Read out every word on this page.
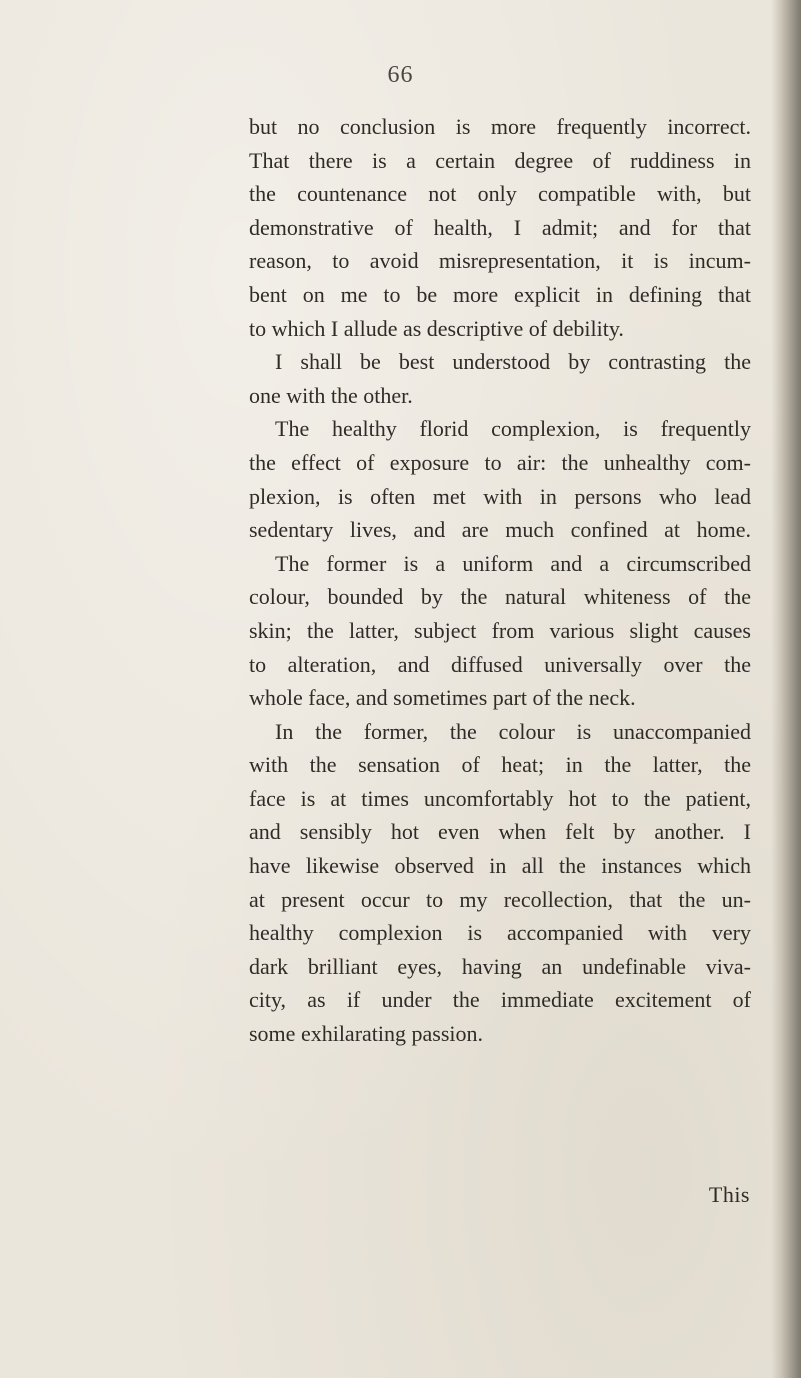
66
but no conclusion is more frequently incorrect.
That there is a certain degree of ruddiness in
the countenance not only compatible with, but
demonstrative of health, I admit; and for that
reason, to avoid misrepresentation, it is incum-
bent on me to be more explicit in defining that
to which I allude as descriptive of debility.
I shall be best understood by contrasting the
one with the other.
The healthy florid complexion, is frequently
the effect of exposure to air: the unhealthy com-
plexion, is often met with in persons who lead
sedentary lives, and are much confined at home.
The former is a uniform and a circumscribed
colour, bounded by the natural whiteness of the
skin; the latter, subject from various slight causes
to alteration, and diffused universally over the
whole face, and sometimes part of the neck.
In the former, the colour is unaccompanied
with the sensation of heat; in the latter, the
face is at times uncomfortably hot to the patient,
and sensibly hot even when felt by another. I
have likewise observed in all the instances which
at present occur to my recollection, that the un-
healthy complexion is accompanied with very
dark brilliant eyes, having an undefinable viva-
city, as if under the immediate excitement of
some exhilarating passion.
This
